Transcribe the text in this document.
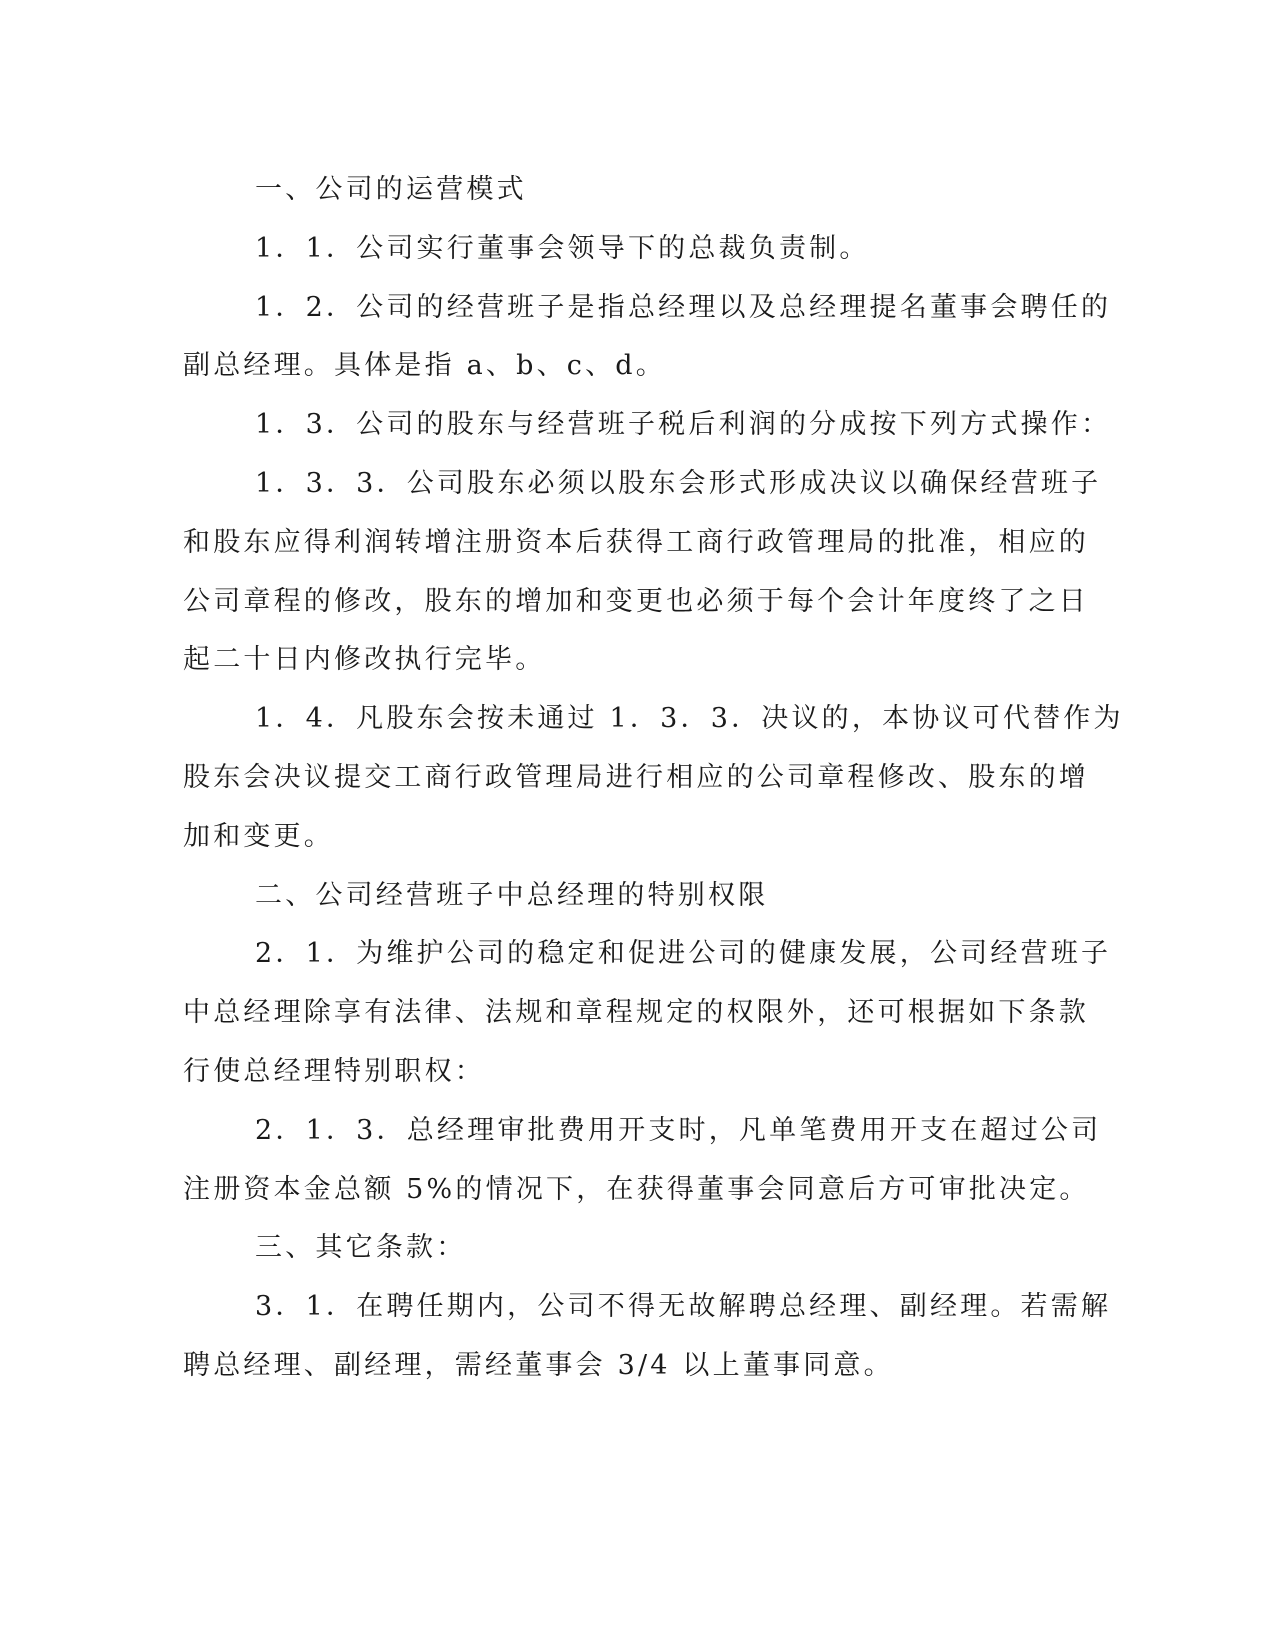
一、公司的运营模式

1．1．公司实行董事会领导下的总裁负责制。

1．2．公司的经营班子是指总经理以及总经理提名董事会聘任的
副总经理。具体是指 a、b、c、d。

1．3．公司的股东与经营班子税后利润的分成按下列方式操作：

1．3．3．公司股东必须以股东会形式形成决议以确保经营班子
和股东应得利润转增注册资本后获得工商行政管理局的批准，相应的
公司章程的修改，股东的增加和变更也必须于每个会计年度终了之日
起二十日内修改执行完毕。

1．4．凡股东会按未通过 1．3．3．决议的，本协议可代替作为
股东会决议提交工商行政管理局进行相应的公司章程修改、股东的增
加和变更。

二、公司经营班子中总经理的特别权限

2．1．为维护公司的稳定和促进公司的健康发展，公司经营班子
中总经理除享有法律、法规和章程规定的权限外，还可根据如下条款
行使总经理特别职权：

2．1．3．总经理审批费用开支时，凡单笔费用开支在超过公司
注册资本金总额 5%的情况下，在获得董事会同意后方可审批决定。

三、其它条款：

3．1．在聘任期内，公司不得无故解聘总经理、副经理。若需解
聘总经理、副经理，需经董事会 3/4 以上董事同意。
